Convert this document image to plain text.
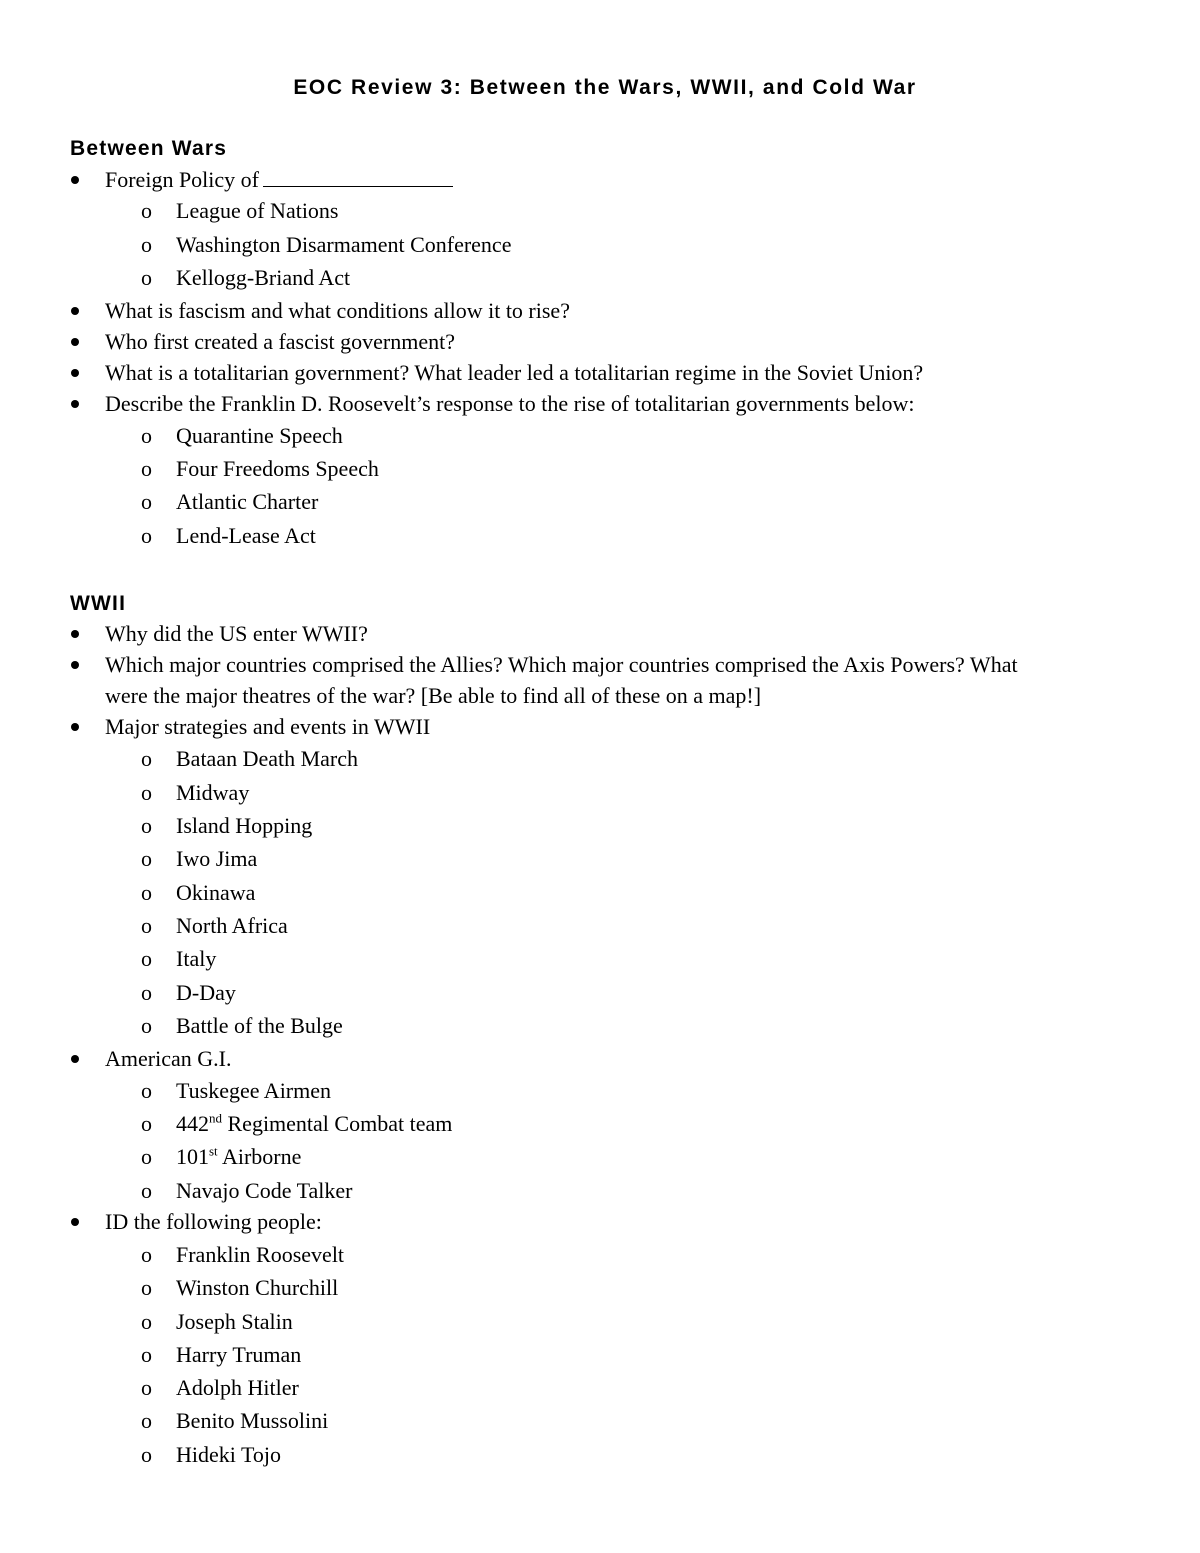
EOC Review 3: Between the Wars, WWII, and Cold War
Between Wars
Foreign Policy of
o League of Nations
o Washington Disarmament Conference
o Kellogg-Briand Act
What is fascism and what conditions allow it to rise?
Who first created a fascist government?
What is a totalitarian government? What leader led a totalitarian regime in the Soviet Union?
Describe the Franklin D. Roosevelt’s response to the rise of totalitarian governments below:
o Quarantine Speech
o Four Freedoms Speech
o Atlantic Charter
o Lend-Lease Act
WWII
Why did the US enter WWII?
Which major countries comprised the Allies? Which major countries comprised the Axis Powers? What
were the major theatres of the war? [Be able to find all of these on a map!]
Major strategies and events in WWII
o Bataan Death March
o Midway
o Island Hopping
o Iwo Jima
o Okinawa
o North Africa
o Italy
o D-Day
o Battle of the Bulge
American G.I.
o Tuskegee Airmen
o 442nd Regimental Combat team
o 101st Airborne
o Navajo Code Talker
ID the following people:
o Franklin Roosevelt
o Winston Churchill
o Joseph Stalin
o Harry Truman
o Adolph Hitler
o Benito Mussolini
o Hideki Tojo
